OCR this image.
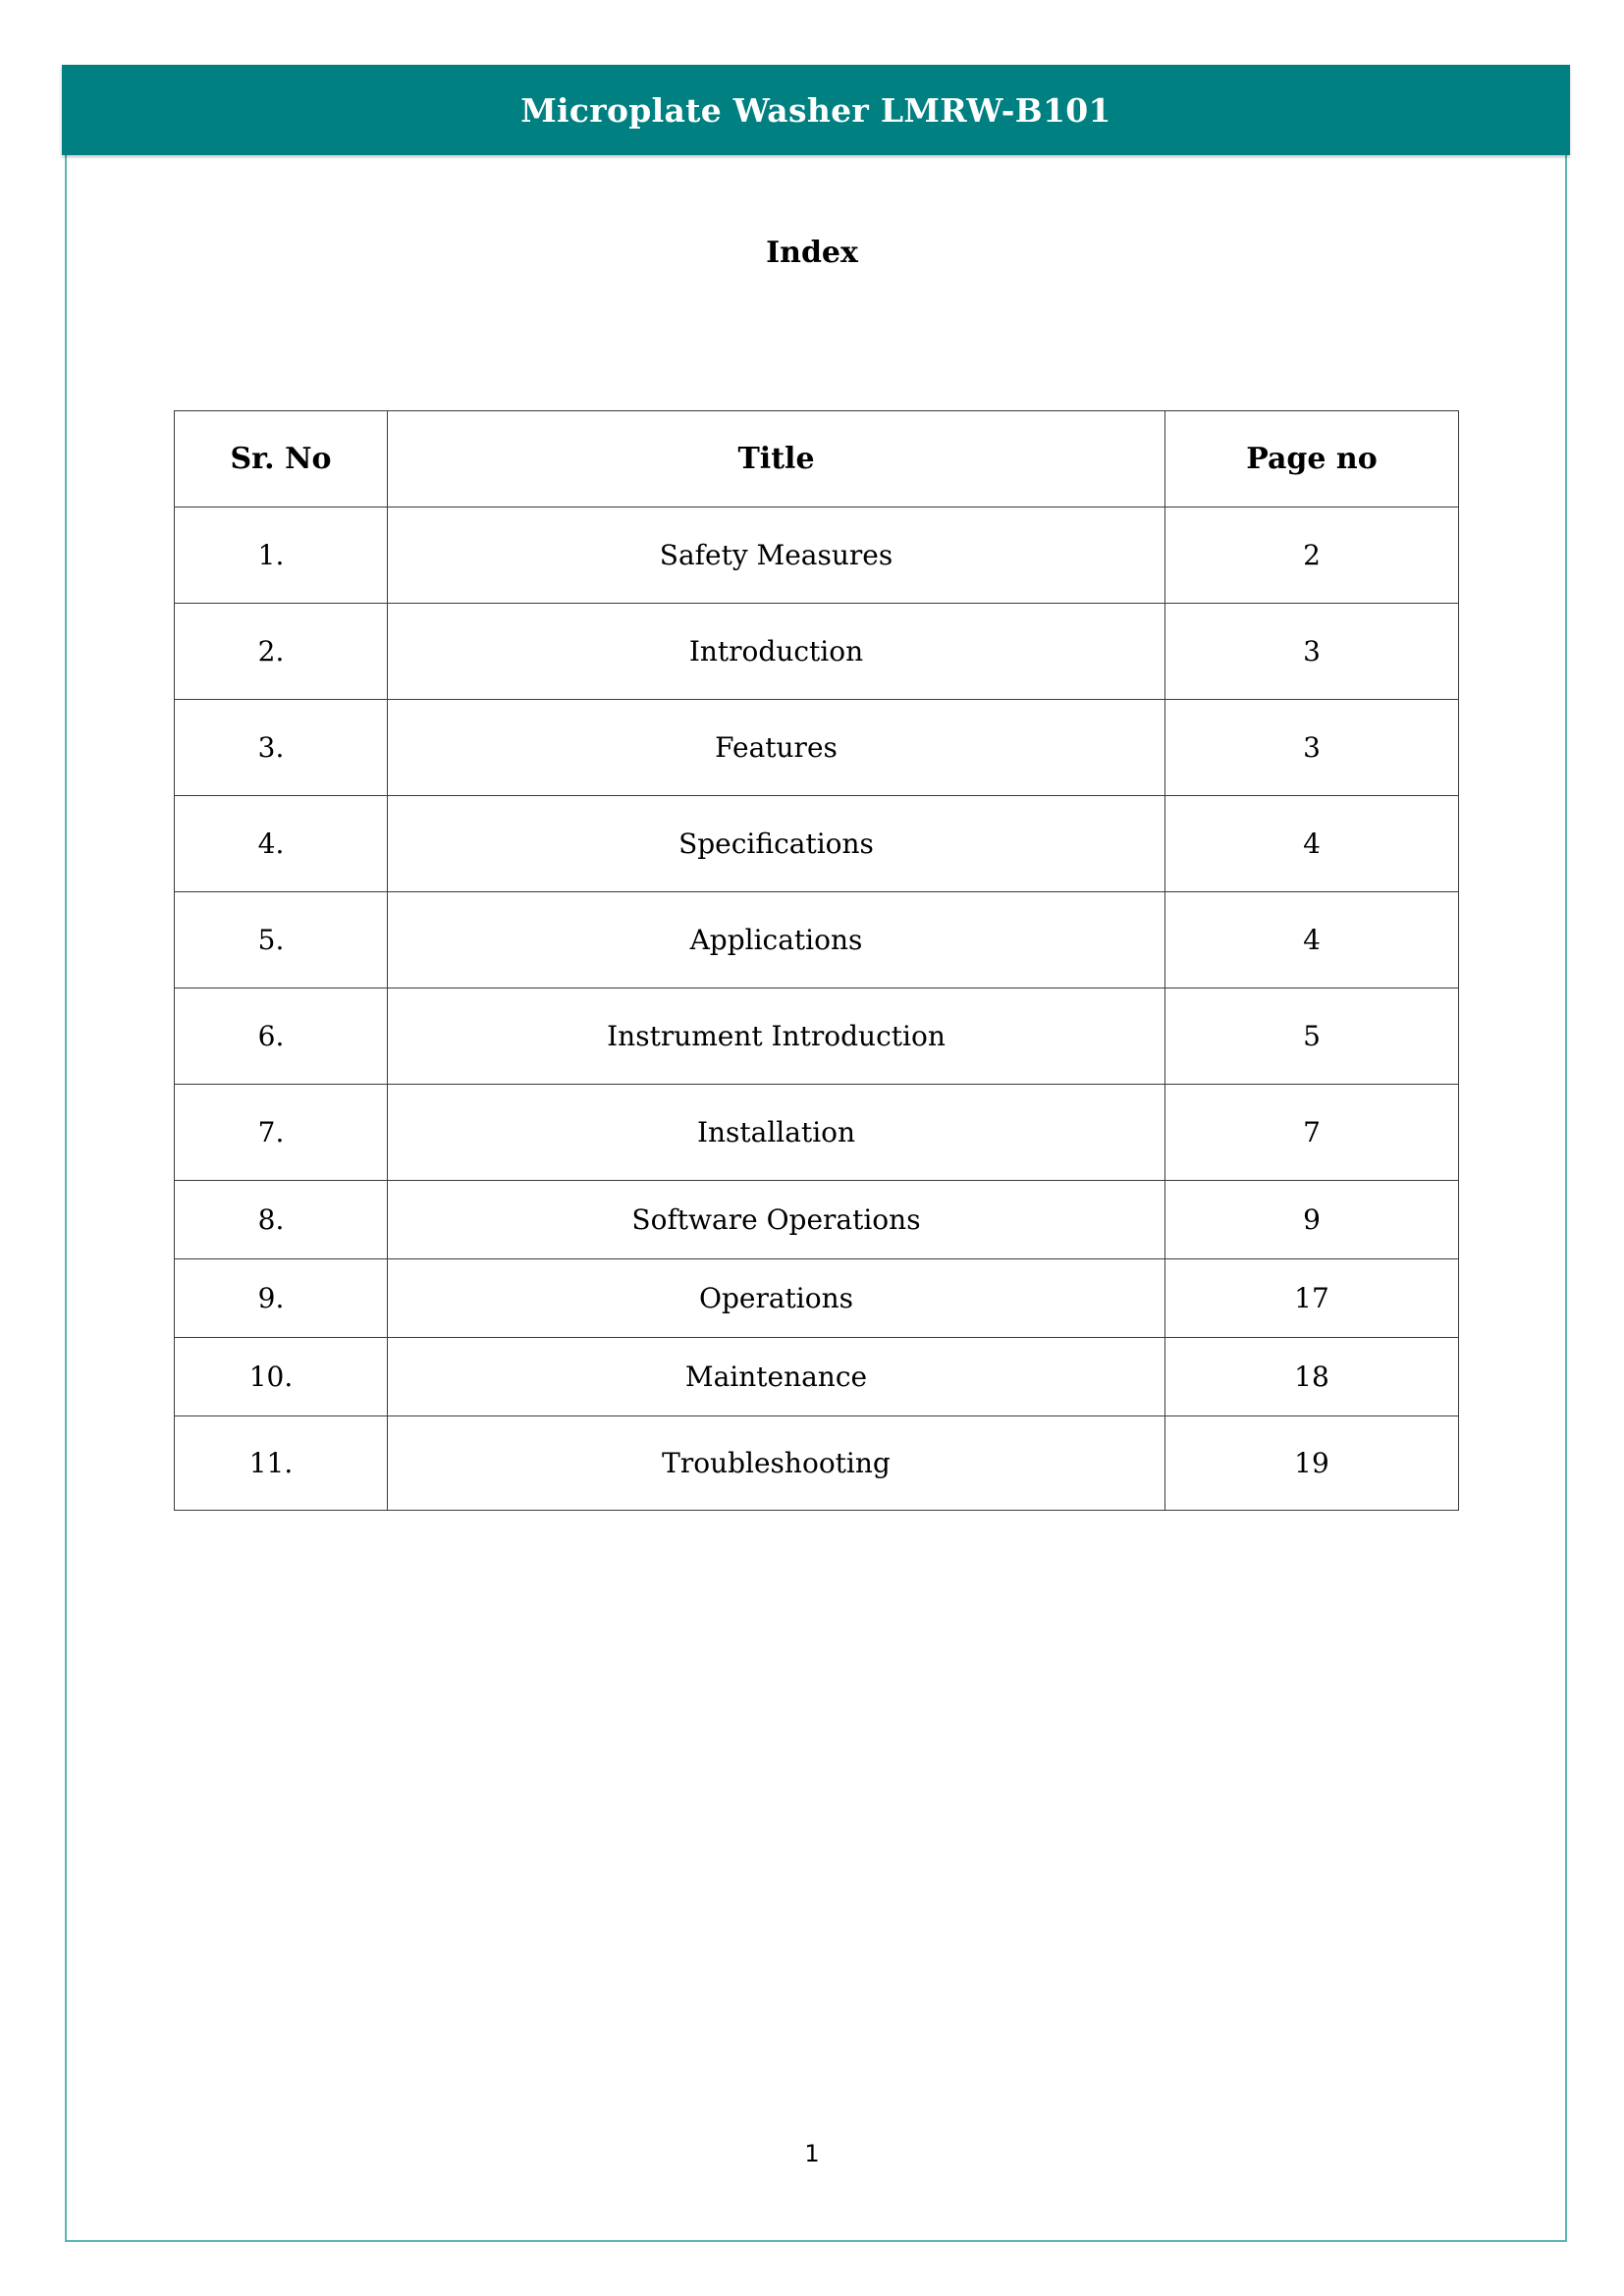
Microplate Washer LMRW-B101
Index
Sr. No	Title	Page no
1.	Safety Measures	2
2.	Introduction	3
3.	Features	3
4.	Specifications	4
5.	Applications	4
6.	Instrument Introduction	5
7.	Installation	7
8.	Software Operations	9
9.	Operations	17
10.	Maintenance	18
11.	Troubleshooting	19
1
